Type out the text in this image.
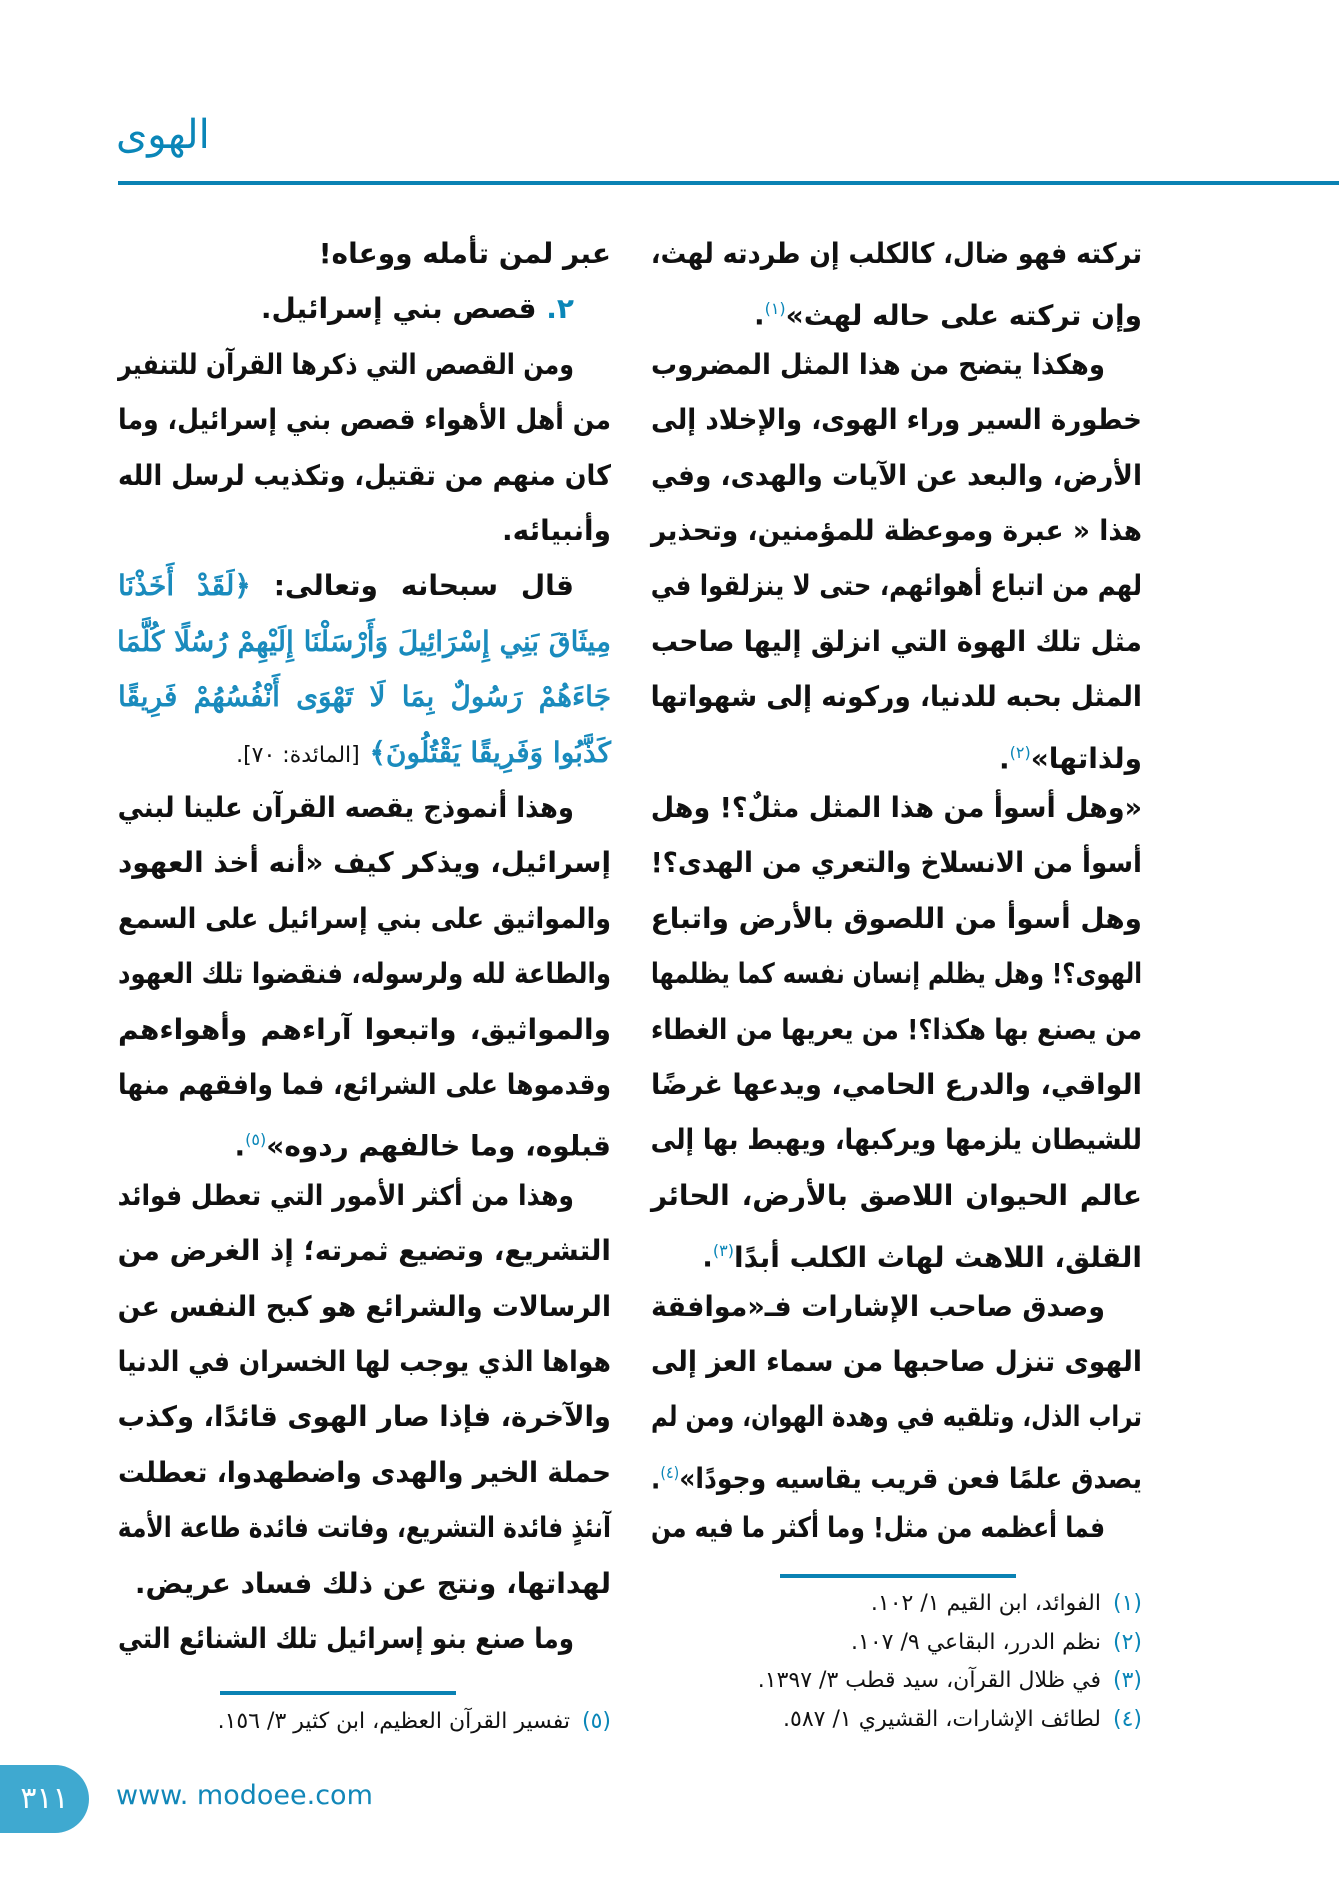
الهوى
تركته فهو ضال، كالكلب إن طردته لهث،
وإن تركته على حاله لهث»$^{(١)}$.
وهكذا يتضح من هذا المثل المضروب
خطورة السير وراء الهوى، والإخلاد إلى
الأرض، والبعد عن الآيات والهدى، وفي
هذا « عبرة وموعظة للمؤمنين، وتحذير
لهم من اتباع أهوائهم، حتى لا ينزلقوا في
مثل تلك الهوة التي انزلق إليها صاحب
المثل بحبه للدنيا، وركونه إلى شهواتها
ولذاتها»$^{(٢)}$.
«وهل أسوأ من هذا المثل مثلٌ؟! وهل
أسوأ من الانسلاخ والتعري من الهدى؟!
وهل أسوأ من اللصوق بالأرض واتباع
الهوى؟! وهل يظلم إنسان نفسه كما يظلمها
من يصنع بها هكذا؟! من يعريها من الغطاء
الواقي، والدرع الحامي، ويدعها غرضًا
للشيطان يلزمها ويركبها، ويهبط بها إلى
عالم الحيوان اللاصق بالأرض، الحائر
القلق، اللاهث لهاث الكلب أبدًا$^{(٣)}$.
وصدق صاحب الإشارات فـ«موافقة
الهوى تنزل صاحبها من سماء العز إلى
تراب الذل، وتلقيه في وهدة الهوان، ومن لم
يصدق علمًا فعن قريب يقاسيه وجودًا»$^{(٤)}$.
فما أعظمه من مثل! وما أكثر ما فيه من
عبر لمن تأمله ووعاه!
٢. قصص بني إسرائيل.
ومن القصص التي ذكرها القرآن للتنفير
من أهل الأهواء قصص بني إسرائيل، وما
كان منهم من تقتيل، وتكذيب لرسل الله
وأنبيائه.
قال سبحانه وتعالى: ﴿لَقَدْ أَخَذْنَا
مِيثَاقَ بَنِي إِسْرَائِيلَ وَأَرْسَلْنَا إِلَيْهِمْ رُسُلًا كُلَّمَا
جَاءَهُمْ رَسُولٌ بِمَا لَا تَهْوَى أَنْفُسُهُمْ فَرِيقًا
كَذَّبُوا وَفَرِيقًا يَقْتُلُونَ﴾ [المائدة: ٧٠].
وهذا أنموذج يقصه القرآن علينا لبني
إسرائيل، ويذكر كيف «أنه أخذ العهود
والمواثيق على بني إسرائيل على السمع
والطاعة لله ولرسوله، فنقضوا تلك العهود
والمواثيق، واتبعوا آراءهم وأهواءهم
وقدموها على الشرائع، فما وافقهم منها
قبلوه، وما خالفهم ردوه»$^{(٥)}$.
وهذا من أكثر الأمور التي تعطل فوائد
التشريع، وتضيع ثمرته؛ إذ الغرض من
الرسالات والشرائع هو كبح النفس عن
هواها الذي يوجب لها الخسران في الدنيا
والآخرة، فإذا صار الهوى قائدًا، وكذب
حملة الخير والهدى واضطهدوا، تعطلت
آنئذٍ فائدة التشريع، وفاتت فائدة طاعة الأمة
لهداتها، ونتج عن ذلك فساد عريض.
وما صنع بنو إسرائيل تلك الشنائع التي
(١)الفوائد، ابن القيم ١/ ١٠٢.
(٢)نظم الدرر، البقاعي ٩/ ١٠٧.
(٣)في ظلال القرآن، سيد قطب ٣/ ١٣٩٧.
(٤)لطائف الإشارات، القشيري ١/ ٥٨٧.
(٥)تفسير القرآن العظيم، ابن كثير ٣/ ١٥٦.
٣١١	www. modoee.com
